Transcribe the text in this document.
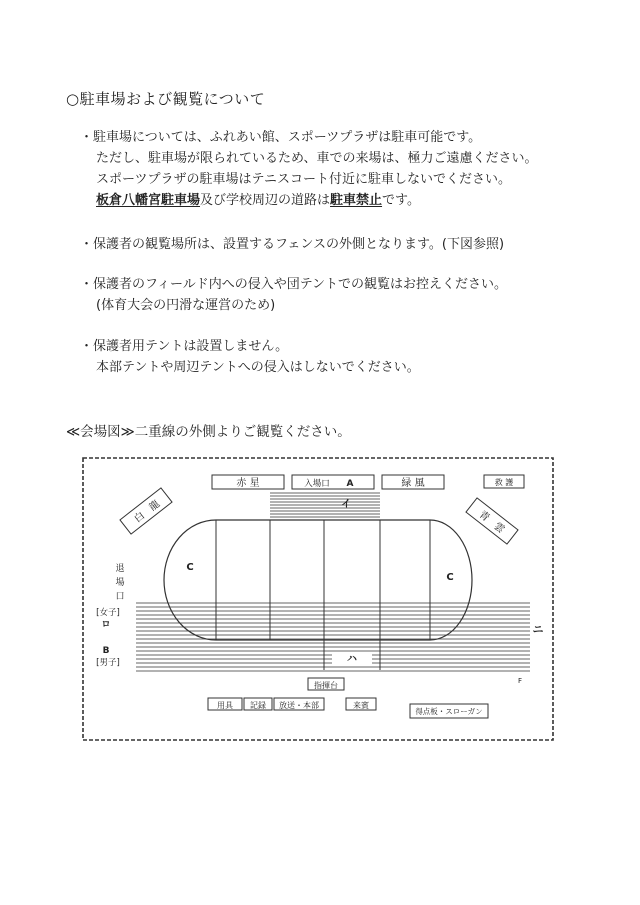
○駐車場および観覧について
・駐車場については、ふれあい館、スポーツプラザは駐車可能です。
ただし、駐車場が限られているため、車での来場は、極力ご遠慮ください。
スポーツプラザの駐車場はテニスコート付近に駐車しないでください。
板倉八幡宮駐車場及び学校周辺の道路は駐車禁止です。
・保護者の観覧場所は、設置するフェンスの外側となります。(下図参照)
・保護者のフィールド内への侵入や団テントでの観覧はお控えください。
(体育大会の円滑な運営のため)
・保護者用テントは設置しません。
本部テントや周辺テントへの侵入はしないでください。
≪会場図≫二重線の外側よりご観覧ください。
赤 星	入場口 A	緑 風	救 護
白
龍
青
雲
イ
C
C
ハ
ニ
F
退
場
口
[女子]
ロ
B
[男子]
指揮台
用具 記録 放送・本部	来賓
得点板・スローガン
